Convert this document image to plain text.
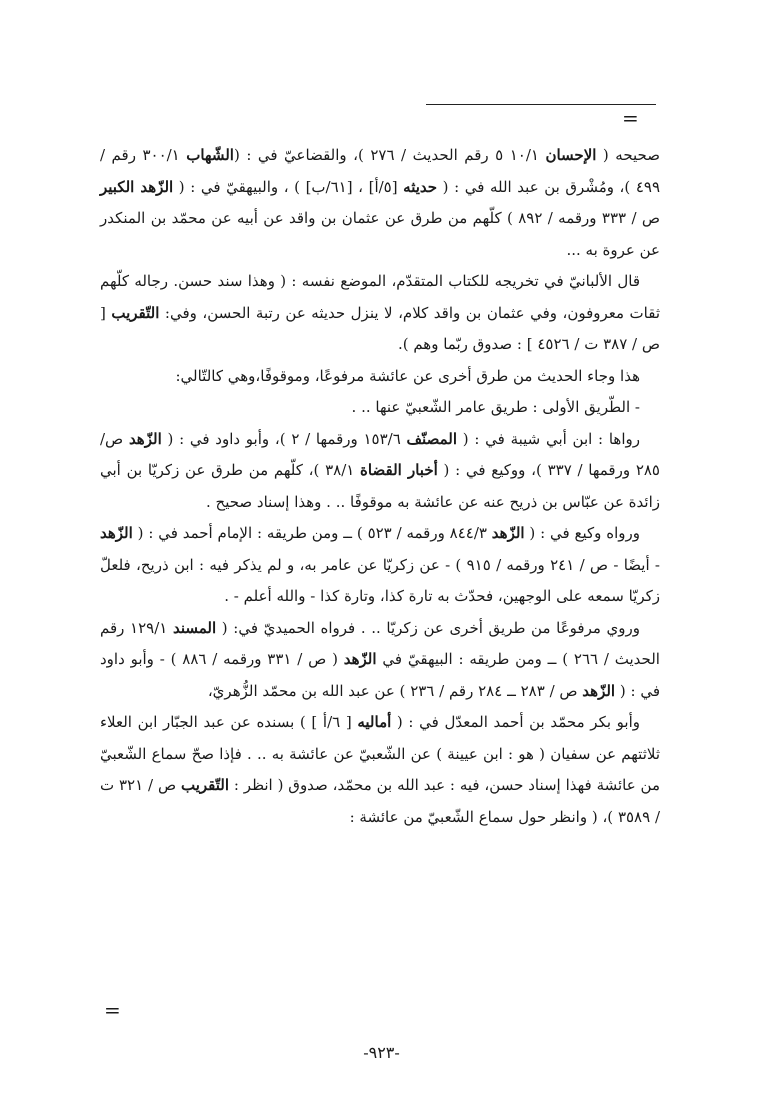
=

صحيحه ( الإحسان ١٠/١ ٥ رقم الحديث / ٢٧٦ )، والقضاعيّ في : (الشّهاب ٣٠٠/١ رقم / ٤٩٩ )، ومُشْرق بن عبد الله في : ( حديثه [٥/أ] ، [٦١/ب] ) ، والبيهقيّ في : ( الزّهد الكبير ص / ٣٣٣ ورقمه / ٨٩٢ ) كلّهم من طرق عن عثمان بن واقد عن أبيه عن محمّد بن المنكدر عن عروة به ...

قال الألبانيّ في تخريجه للكتاب المتقدّم، الموضع نفسه : ( وهذا سند حسن. رجاله كلّهم ثقات معروفون، وفي عثمان بن واقد كلام، لا ينزل حديثه عن رتبة الحسن، وفي: التّقريب [ ص / ٣٨٧ ت / ٤٥٢٦ ] : صدوق ربّما وهم ).

هذا وجاء الحديث من طرق أخرى عن عائشة مرفوعًا، وموقوفًا،وهي كالتّالي:

- الطّريق الأولى : طريق عامر الشّعبيّ عنها .. .

رواها : ابن أبي شيبة في : ( المصنّف ١٥٣/٦ ورقمها / ٢ )، وأبو داود في : ( الزّهد ص/ ٢٨٥ ورقمها / ٣٣٧ )، ووكيع في : ( أخبار القضاة ٣٨/١ )، كلّهم من طرق عن زكريّا بن أبي زائدة عن عبّاس بن ذريح عنه عن عائشة به موقوفًا .. . وهذا إسناد صحيح .

ورواه وكيع في : ( الزّهد ٨٤٤/٣ ورقمه / ٥٢٣ ) ــ ومن طريقه : الإمام أحمد في : ( الزّهد - أيضًا - ص / ٢٤١ ورقمه / ٩١٥ ) - عن زكريّا عن عامر به، و لم يذكر فيه : ابن ذريح، فلعلّ زكريّا سمعه على الوجهين، فحدّث به تارة كذا، وتارة كذا - والله أعلم - .

وروي مرفوعًا من طريق أخرى عن زكريّا .. . فرواه الحميديّ في: ( المسند ١٢٩/١ رقم الحديث / ٢٦٦ ) ــ ومن طريقه : البيهقيّ في الزّهد ( ص / ٣٣١ ورقمه / ٨٨٦ ) - وأبو داود في : ( الزّهد ص / ٢٨٣ ــ ٢٨٤ رقم / ٢٣٦ ) عن عبد الله بن محمّد الزُّهريّ،

وأبو بكر محمّد بن أحمد المعدّل في : ( أماليه [ ٦/أ ] ) بسنده عن عبد الجبّار ابن العلاء ثلاثتهم عن سفيان ( هو : ابن عيينة ) عن الشّعبيّ عن عائشة به .. . فإذا صحّ سماع الشّعبيّ من عائشة فهذا إسناد حسن، فيه : عبد الله بن محمّد، صدوق ( انظر : التّقريب ص / ٣٢١ ت / ٣٥٨٩ )، ( وانظر حول سماع الشّعبيّ من عائشة :

=
-٩٢٣-
